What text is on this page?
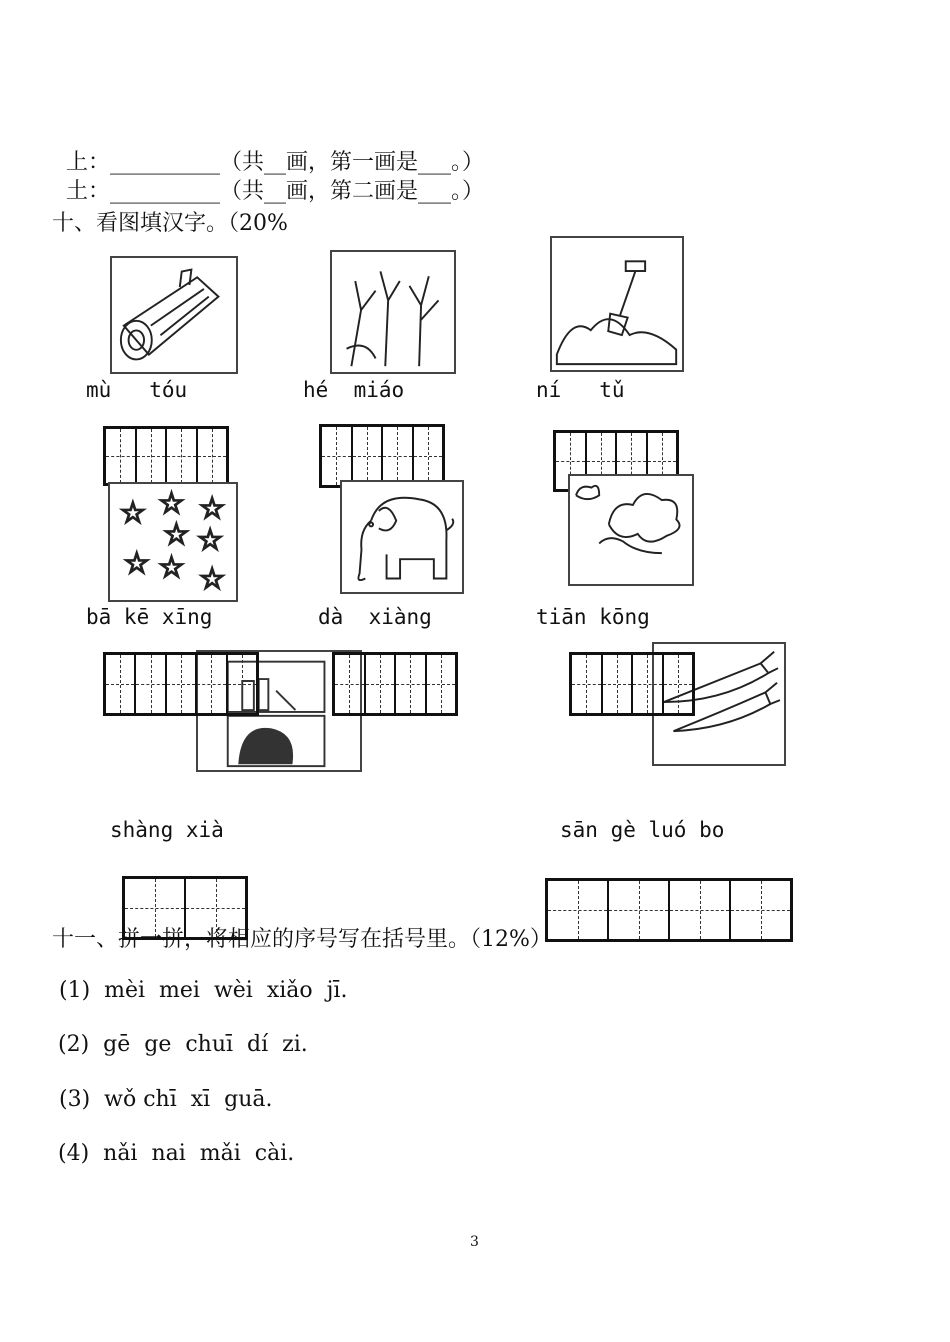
上：__________（共__画，第一画是___。）

土：__________（共__画，第二画是___。）

十、看图填汉字。（20%
mù   tóu	hé  miáo	ní   tǔ
☆ ☆ ☆
☆ ☆
☆ ☆ ☆
bā kē xīng	dà  xiàng	tiān kōng
shàng xià	sān gè luó bo
十一、拼一拼，将相应的序号写在括号里。（12%）
(1)  mèi  mei  wèi  xiǎo  jī.
(2)  gē  ge  chuī  dí  zi.
(3)  wǒ chī  xī  guā.
(4)  nǎi  nai  mǎi  cài.
3
